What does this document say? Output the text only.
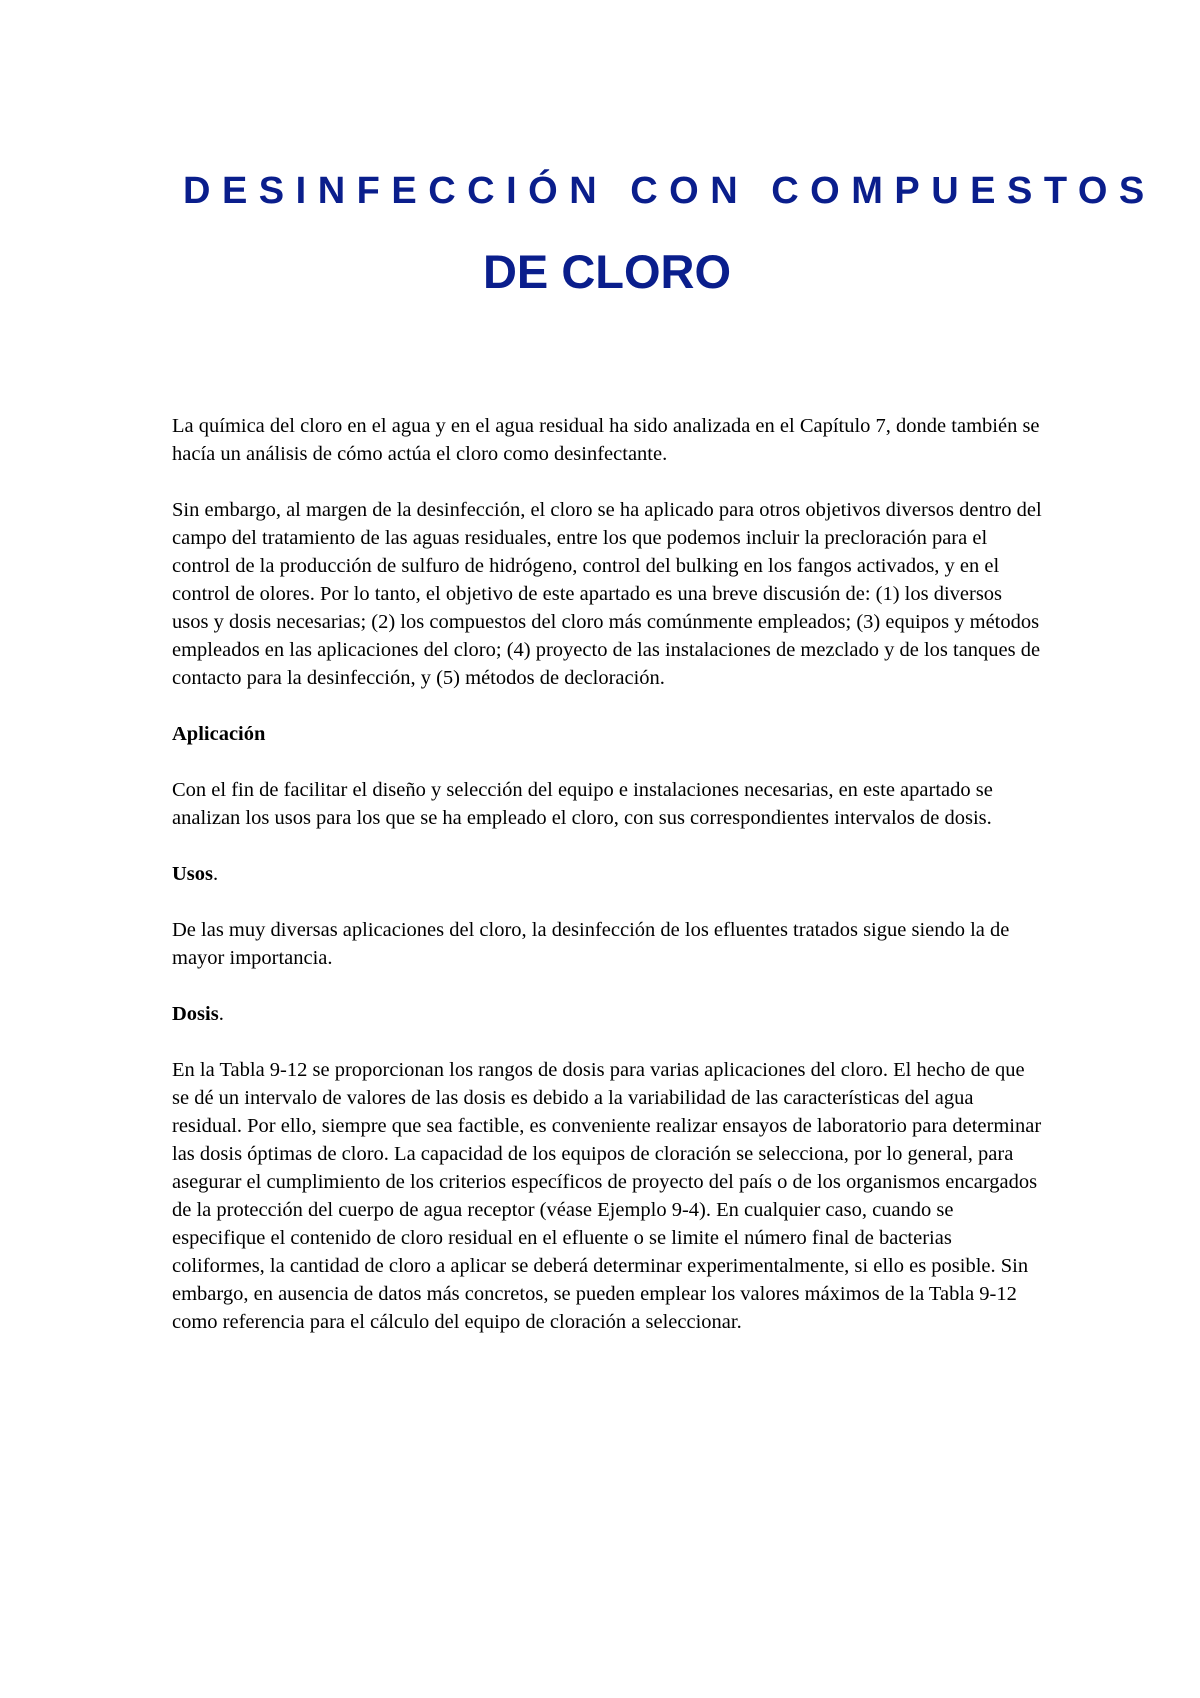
DESINFECCIÓN CON COMPUESTOS
DE CLORO

La química del cloro en el agua y en el agua residual ha sido analizada en el Capítulo 7, donde también se hacía un análisis de cómo actúa el cloro como desinfectante.

Sin embargo, al margen de la desinfección, el cloro se ha aplicado para otros objetivos diversos dentro del campo del tratamiento de las aguas residuales, entre los que podemos incluir la precloración para el control de la producción de sulfuro de hidrógeno, control del bulking en los fangos activados, y en el control de olores. Por lo tanto, el objetivo de este apartado es una breve discusión de: (1) los diversos usos y dosis necesarias; (2) los compuestos del cloro más comúnmente empleados; (3) equipos y métodos empleados en las aplicaciones del cloro; (4) proyecto de las instalaciones de mezclado y de los tanques de contacto para la desinfección, y (5) métodos de decloración.

Aplicación

Con el fin de facilitar el diseño y selección del equipo e instalaciones necesarias, en este apartado se analizan los usos para los que se ha empleado el cloro, con sus correspondientes intervalos de dosis.

Usos.

De las muy diversas aplicaciones del cloro, la desinfección de los efluentes tratados sigue siendo la de mayor importancia.

Dosis.

En la Tabla 9-12 se proporcionan los rangos de dosis para varias aplicaciones del cloro. El hecho de que se dé un intervalo de valores de las dosis es debido a la variabilidad de las características del agua residual. Por ello, siempre que sea factible, es conveniente realizar ensayos de laboratorio para determinar las dosis óptimas de cloro. La capacidad de los equipos de cloración se selecciona, por lo general, para asegurar el cumplimiento de los criterios específicos de proyecto del país o de los organismos encargados de la protección del cuerpo de agua receptor (véase Ejemplo 9-4). En cualquier caso, cuando se especifique el contenido de cloro residual en el efluente o se limite el número final de bacterias coliformes, la cantidad de cloro a aplicar se deberá determinar experimentalmente, si ello es posible. Sin embargo, en ausencia de datos más concretos, se pueden emplear los valores máximos de la Tabla 9-12 como referencia para el cálculo del equipo de cloración a seleccionar.
